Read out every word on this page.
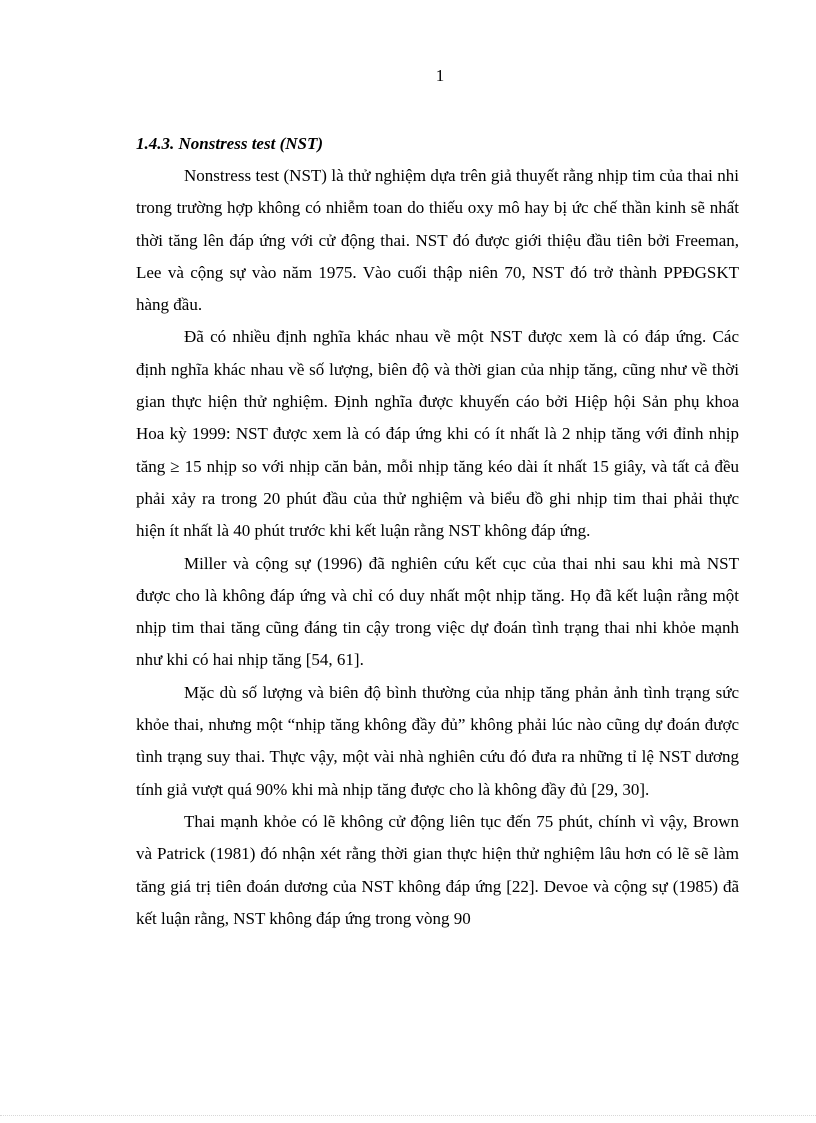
1
1.4.3. Nonstress test (NST)

Nonstress test (NST) là thử nghiệm dựa trên giả thuyết rằng nhịp tim của thai nhi trong trường hợp không có nhiễm toan do thiếu oxy mô hay bị ức chế thần kinh sẽ nhất thời tăng lên đáp ứng với cử động thai. NST đó được giới thiệu đầu tiên bởi Freeman, Lee và cộng sự vào năm 1975. Vào cuối thập niên 70, NST đó trở thành PPĐGSKT hàng đầu.

Đã có nhiều định nghĩa khác nhau về một NST được xem là có đáp ứng. Các định nghĩa khác nhau về số lượng, biên độ và thời gian của nhịp tăng, cũng như về thời gian thực hiện thử nghiệm. Định nghĩa được khuyến cáo bởi Hiệp hội Sản phụ khoa Hoa kỳ 1999: NST được xem là có đáp ứng khi có ít nhất là 2 nhịp tăng với đỉnh nhịp tăng ≥ 15 nhịp so với nhịp căn bản, mỗi nhịp tăng kéo dài ít nhất 15 giây, và tất cả đều phải xảy ra trong 20 phút đầu của thử nghiệm và biểu đồ ghi nhịp tim thai phải thực hiện ít nhất là 40 phút trước khi kết luận rằng NST không đáp ứng.

Miller và cộng sự (1996) đã nghiên cứu kết cục của thai nhi sau khi mà NST được cho là không đáp ứng và chỉ có duy nhất một nhịp tăng. Họ đã kết luận rằng một nhịp tim thai tăng cũng đáng tin cậy trong việc dự đoán tình trạng thai nhi khỏe mạnh như khi có hai nhịp tăng [54, 61].

Mặc dù số lượng và biên độ bình thường của nhịp tăng phản ảnh tình trạng sức khỏe thai, nhưng một “nhịp tăng không đầy đủ” không phải lúc nào cũng dự đoán được tình trạng suy thai. Thực vậy, một vài nhà nghiên cứu đó đưa ra những tỉ lệ NST dương tính giả vượt quá 90% khi mà nhịp tăng được cho là không đầy đủ [29, 30].

Thai mạnh khỏe có lẽ không cử động liên tục đến 75 phút, chính vì vậy, Brown và Patrick (1981) đó nhận xét rằng thời gian thực hiện thử nghiệm lâu hơn có lẽ sẽ làm tăng giá trị tiên đoán dương của NST không đáp ứng [22]. Devoe và cộng sự (1985) đã kết luận rằng, NST không đáp ứng trong vòng 90
